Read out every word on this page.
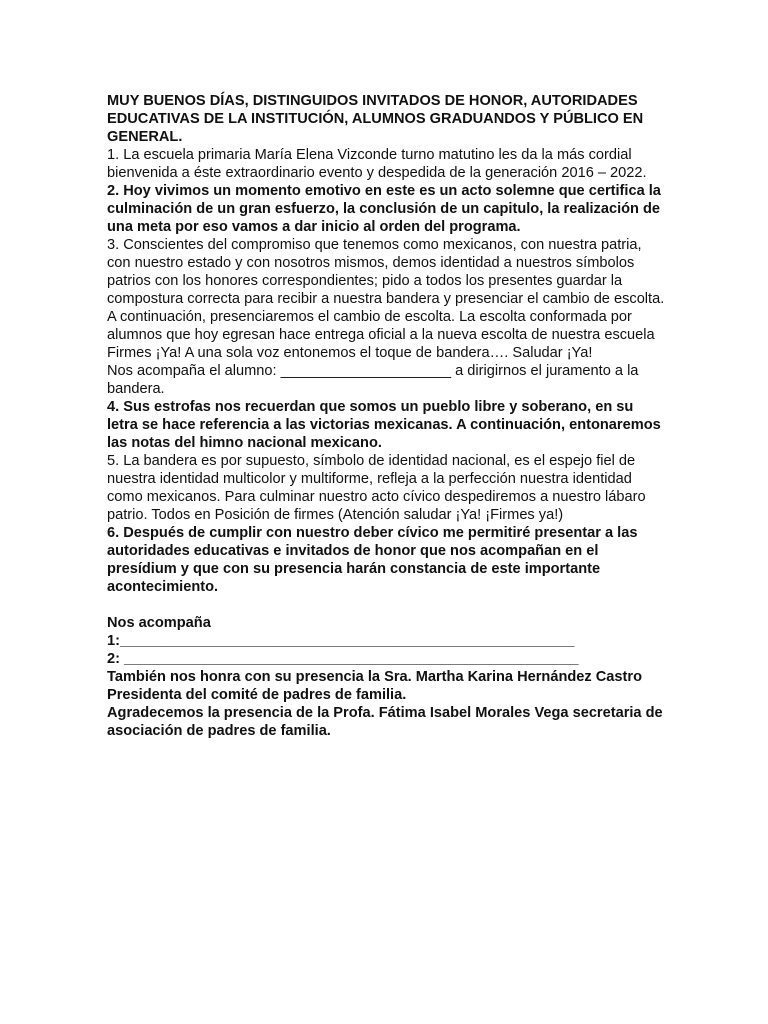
MUY BUENOS DÍAS, DISTINGUIDOS INVITADOS DE HONOR, AUTORIDADES EDUCATIVAS DE LA INSTITUCIÓN, ALUMNOS GRADUANDOS Y PÚBLICO EN GENERAL.

1. La escuela primaria María Elena Vizconde turno matutino les da la más cordial bienvenida a éste extraordinario evento y despedida de la generación 2016 – 2022.

2. Hoy vivimos un momento emotivo en este es un acto solemne que certifica la culminación de un gran esfuerzo, la conclusión de un capitulo, la realización de una meta por eso vamos a dar inicio al orden del programa.

3. Conscientes del compromiso que tenemos como mexicanos, con nuestra patria, con nuestro estado y con nosotros mismos, demos identidad a nuestros símbolos patrios con los honores correspondientes; pido a todos los presentes guardar la compostura correcta para recibir a nuestra bandera y presenciar el cambio de escolta. A continuación, presenciaremos el cambio de escolta. La escolta conformada por alumnos que hoy egresan hace entrega oficial a la nueva escolta de nuestra escuela

Firmes ¡Ya! A una sola voz entonemos el toque de bandera…. Saludar ¡Ya!

Nos acompaña el alumno: _____________________ a dirigirnos el juramento a la bandera.

4. Sus estrofas nos recuerdan que somos un pueblo libre y soberano, en su letra se hace referencia a las victorias mexicanas. A continuación, entonaremos las notas del himno nacional mexicano.

5. La bandera es por supuesto, símbolo de identidad nacional, es el espejo fiel de nuestra identidad multicolor y multiforme, refleja a la perfección nuestra identidad como mexicanos. Para culminar nuestro acto cívico despediremos a nuestro lábaro patrio. Todos en Posición de firmes (Atención saludar ¡Ya! ¡Firmes ya!)

6. Después de cumplir con nuestro deber cívico me permitiré presentar a las autoridades educativas e invitados de honor que nos acompañan en el presídium y que con su presencia harán constancia de este importante acontecimiento.

Nos acompaña
1:________________________________________________________
2: ________________________________________________________

También nos honra con su presencia la Sra. Martha Karina Hernández Castro Presidenta del comité de padres de familia.

Agradecemos la presencia de la Profa. Fátima Isabel Morales Vega secretaria de asociación de padres de familia.
